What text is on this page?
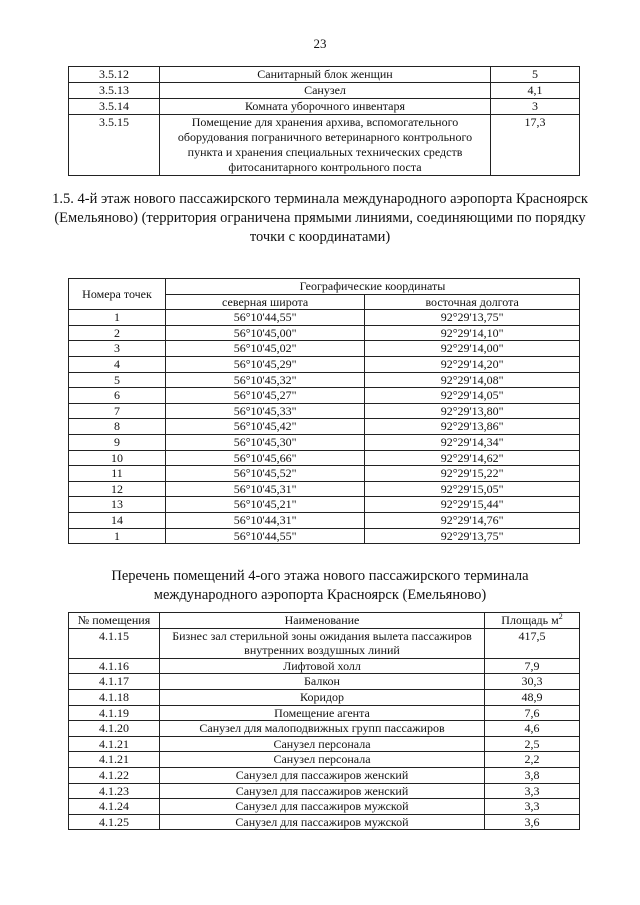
23
3.5.12	Санитарный блок женщин	5
3.5.13	Санузел	4,1
3.5.14	Комната уборочного инвентаря	3
3.5.15	Помещение для хранения архива, вспомогательного оборудования пограничного ветеринарного контрольного пункта и хранения специальных технических средств фитосанитарного контрольного поста	17,3
1.5. 4-й этаж нового пассажирского терминала международного аэропорта Красноярск (Емельяново) (территория ограничена прямыми линиями, соединяющими по порядку точки с координатами)
Номера точек	Географические координаты	
	северная широта	восточная долгота
1	56°10'44,55"	92°29'13,75"
2	56°10'45,00"	92°29'14,10"
3	56°10'45,02"	92°29'14,00"
4	56°10'45,29"	92°29'14,20"
5	56°10'45,32"	92°29'14,08"
6	56°10'45,27"	92°29'14,05"
7	56°10'45,33"	92°29'13,80"
8	56°10'45,42"	92°29'13,86"
9	56°10'45,30"	92°29'14,34"
10	56°10'45,66"	92°29'14,62"
11	56°10'45,52"	92°29'15,22"
12	56°10'45,31"	92°29'15,05"
13	56°10'45,21"	92°29'15,44"
14	56°10'44,31"	92°29'14,76"
1	56°10'44,55"	92°29'13,75"
Перечень помещений 4-ого этажа нового пассажирского терминала международного аэропорта Красноярск (Емельяново)
№ помещения	Наименование	Площадь $м^2$
4.1.15	Бизнес зал стерильной зоны ожидания вылета пассажиров внутренних воздушных линий	417,5
4.1.16	Лифтовой холл	7,9
4.1.17	Балкон	30,3
4.1.18	Коридор	48,9
4.1.19	Помещение агента	7,6
4.1.20	Санузел для малоподвижных групп пассажиров	4,6
4.1.21	Санузел персонала	2,5
4.1.21	Санузел персонала	2,2
4.1.22	Санузел для пассажиров женский	3,8
4.1.23	Санузел для пассажиров женский	3,3
4.1.24	Санузел для пассажиров мужской	3,3
4.1.25	Санузел для пассажиров мужской	3,6
